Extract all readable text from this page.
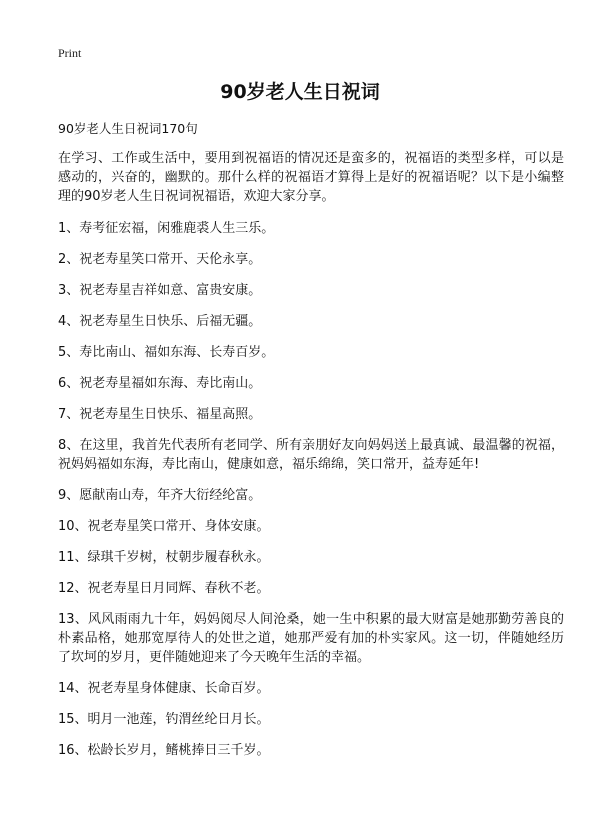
Print
90岁老人生日祝词
90岁老人生日祝词170句

在学习、工作或生活中，要用到祝福语的情况还是蛮多的，祝福语的类型多样，可以是感动的，兴奋的，幽默的。那什么样的祝福语才算得上是好的祝福语呢？以下是小编整理的90岁老人生日祝词祝福语，欢迎大家分享。

1、寿考征宏福，闲雅鹿裘人生三乐。

2、祝老寿星笑口常开、天伦永享。

3、祝老寿星吉祥如意、富贵安康。

4、祝老寿星生日快乐、后福无疆。

5、寿比南山、福如东海、长寿百岁。

6、祝老寿星福如东海、寿比南山。

7、祝老寿星生日快乐、福星高照。

8、在这里，我首先代表所有老同学、所有亲朋好友向妈妈送上最真诚、最温馨的祝福，祝妈妈福如东海，寿比南山，健康如意，福乐绵绵，笑口常开，益寿延年!

9、愿献南山寿，年齐大衍经纶富。

10、祝老寿星笑口常开、身体安康。

11、绿琪千岁树，杖朝步履春秋永。

12、祝老寿星日月同辉、春秋不老。

13、风风雨雨九十年，妈妈阅尽人间沧桑，她一生中积累的最大财富是她那勤劳善良的朴素品格，她那宽厚待人的处世之道，她那严爱有加的朴实家风。这一切，伴随她经历了坎坷的岁月，更伴随她迎来了今天晚年生活的幸福。

14、祝老寿星身体健康、长命百岁。

15、明月一池莲，钓渭丝纶日月长。

16、松龄长岁月，鳍桃捧日三千岁。
